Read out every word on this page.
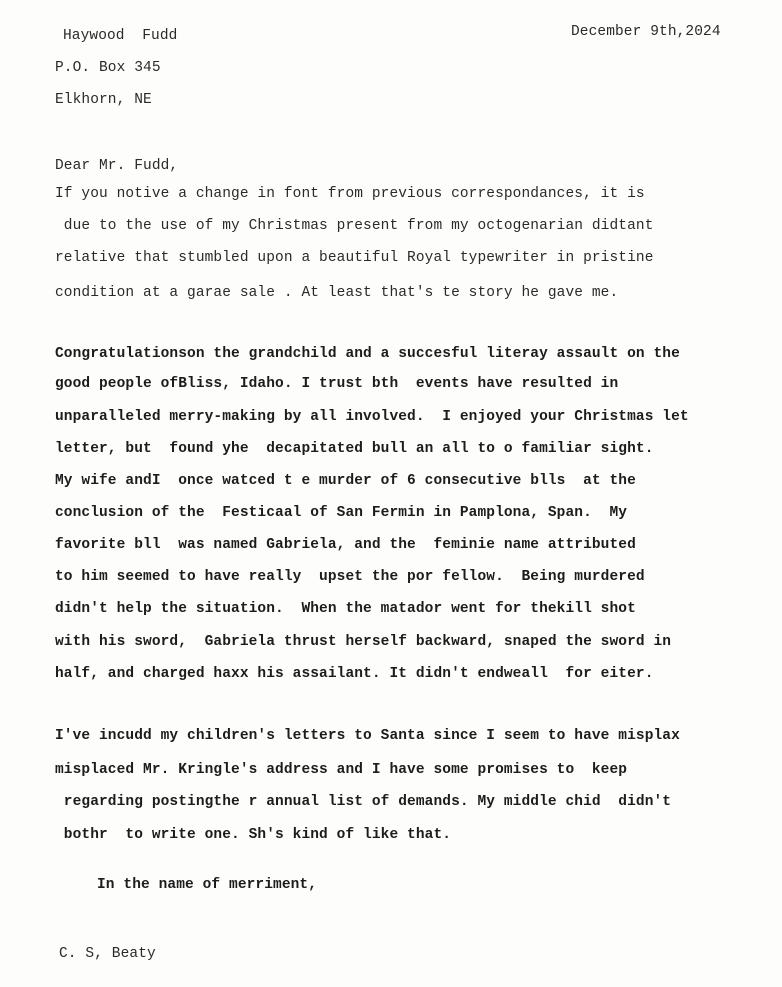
Haywood  Fudd	December 9th,2024
P.O. Box 345
Elkhorn, NE
Dear Mr. Fudd,
If you notive a change in font from previous correspondances, it is
due to the use of my Christmas present from my octogenarian didtant
relative that stumbled upon a beautiful Royal typewriter in pristine
condition at a garae sale . At least that's te story he gave me.
Congratulationson the grandchild and a succesful literay assault on the
good people ofBliss, Idaho. I trust bth  events have resulted in
unparalleled merry-making by all involved.  I enjoyed your Christmas let
letter, but  found yhe  decapitated bull an all to o familiar sight.
My wife andI  once watced t e murder of 6 consecutive blls  at the
conclusion of the  Festicaal of San Fermin in Pamplona, Span.  My
favorite bll  was named Gabriela, and the  feminie name attributed
to him seemed to have really  upset the por fellow.  Being murdered
didn't help the situation.  When the matador went for thekill shot
with his sword,  Gabriela thrust herself backward, snaped the sword in
half, and charged haxx his assailant. It didn't endweall  for eiter.
I've incudd my children's letters to Santa since I seem to have misplax
misplaced Mr. Kringle's address and I have some promises to  keep
regarding postingthe r annual list of demands. My middle chid  didn't
bothr  to write one. Sh's kind of like that.
In the name of merriment,
C. S, Beaty
